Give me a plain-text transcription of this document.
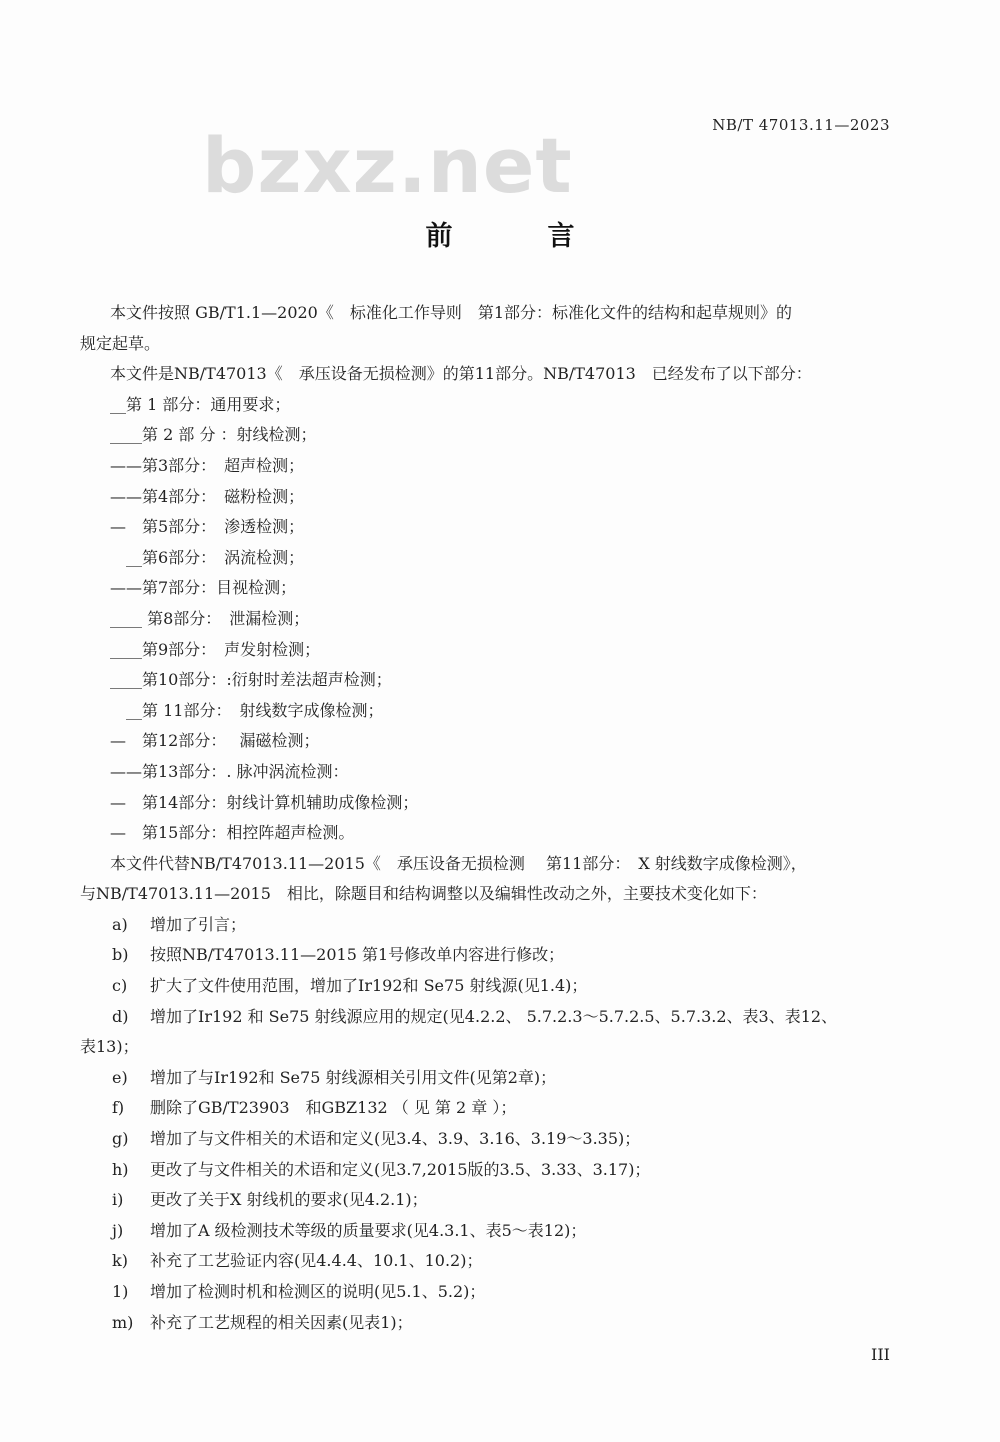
NB/T 47013.11—2023
bzxz.net
前　言
本文件按照 GB/T1.1—2020《　标准化工作导则　第1部分：标准化文件的结构和起草规则》的
规定起草。
本文件是NB/T47013《　承压设备无损检测》的第11部分。NB/T47013　已经发布了以下部分：
__第 1 部分：通用要求；
____第 2 部 分 ：射线检测；
——第3部分：　超声检测；
——第4部分：　磁粉检测；
—　第5部分：　渗透检测；
　__第6部分：　涡流检测；
——第7部分：目视检测；
____ 第8部分：　泄漏检测；
____第9部分：　声发射检测；
____第10部分：:衍射时差法超声检测；
　__第 11部分：　射线数字成像检测；
—　第12部分：　 漏磁检测；
——第13部分：. 脉冲涡流检测：
—　第14部分：射线计算机辅助成像检测；
—　第15部分：相控阵超声检测。
本文件代替NB/T47013.11—2015《　承压设备无损检测　 第11部分：　X 射线数字成像检测》，
与NB/T47013.11—2015　相比，除题目和结构调整以及编辑性改动之外，主要技术变化如下：
a) 增加了引言；
b) 按照NB/T47013.11—2015 第1号修改单内容进行修改；
c) 扩大了文件使用范围，增加了Ir192和 Se75 射线源(见1.4)；
d) 增加了Ir192 和 Se75 射线源应用的规定(见4.2.2、 5.7.2.3～5.7.2.5、5.7.3.2、表3、表12、
表13)；
e) 增加了与Ir192和 Se75 射线源相关引用文件(见第2章)；
f) 删除了GB/T23903　和GBZ132 （ 见 第 2 章 ）；
g) 增加了与文件相关的术语和定义(见3.4、3.9、3.16、3.19～3.35)；
h) 更改了与文件相关的术语和定义(见3.7,2015版的3.5、3.33、3.17)；
i) 更改了关于X 射线机的要求(见4.2.1)；
j) 增加了A 级检测技术等级的质量要求(见4.3.1、表5～表12)；
k) 补充了工艺验证内容(见4.4.4、10.1、10.2)；
1) 增加了检测时机和检测区的说明(见5.1、5.2)；
m) 补充了工艺规程的相关因素(见表1)；
III
